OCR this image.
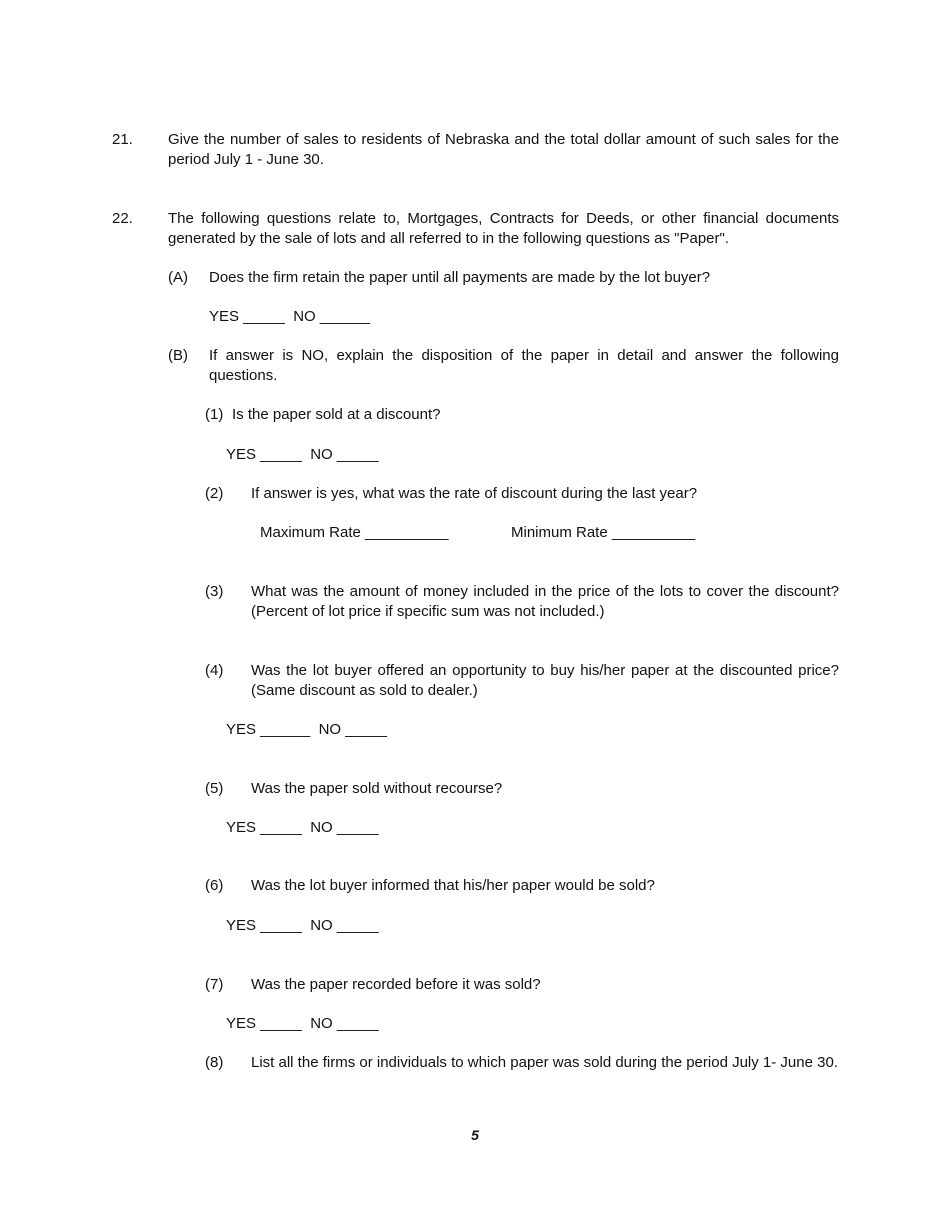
21. Give the number of sales to residents of Nebraska and the total dollar amount of such sales for the period July 1 - June 30.
22. The following questions relate to, Mortgages, Contracts for Deeds, or other financial documents generated by the sale of lots and all referred to in the following questions as "Paper".
(A) Does the firm retain the paper until all payments are made by the lot buyer?
YES _____  NO ______
(B) If answer is NO, explain the disposition of the paper in detail and answer the following questions.
(1) Is the paper sold at a discount?
YES _____  NO _____
(2) If answer is yes, what was the rate of discount during the last year?
Maximum Rate __________	Minimum Rate __________
(3) What was the amount of money included in the price of the lots to cover the discount? (Percent of lot price if specific sum was not included.)
(4) Was the lot buyer offered an opportunity to buy his/her paper at the discounted price? (Same discount as sold to dealer.)
YES ______  NO _____
(5) Was the paper sold without recourse?
YES _____  NO _____
(6) Was the lot buyer informed that his/her paper would be sold?
YES _____  NO _____
(7) Was the paper recorded before it was sold?
YES _____  NO _____
(8) List all the firms or individuals to which paper was sold during the period July 1- June 30.
5
